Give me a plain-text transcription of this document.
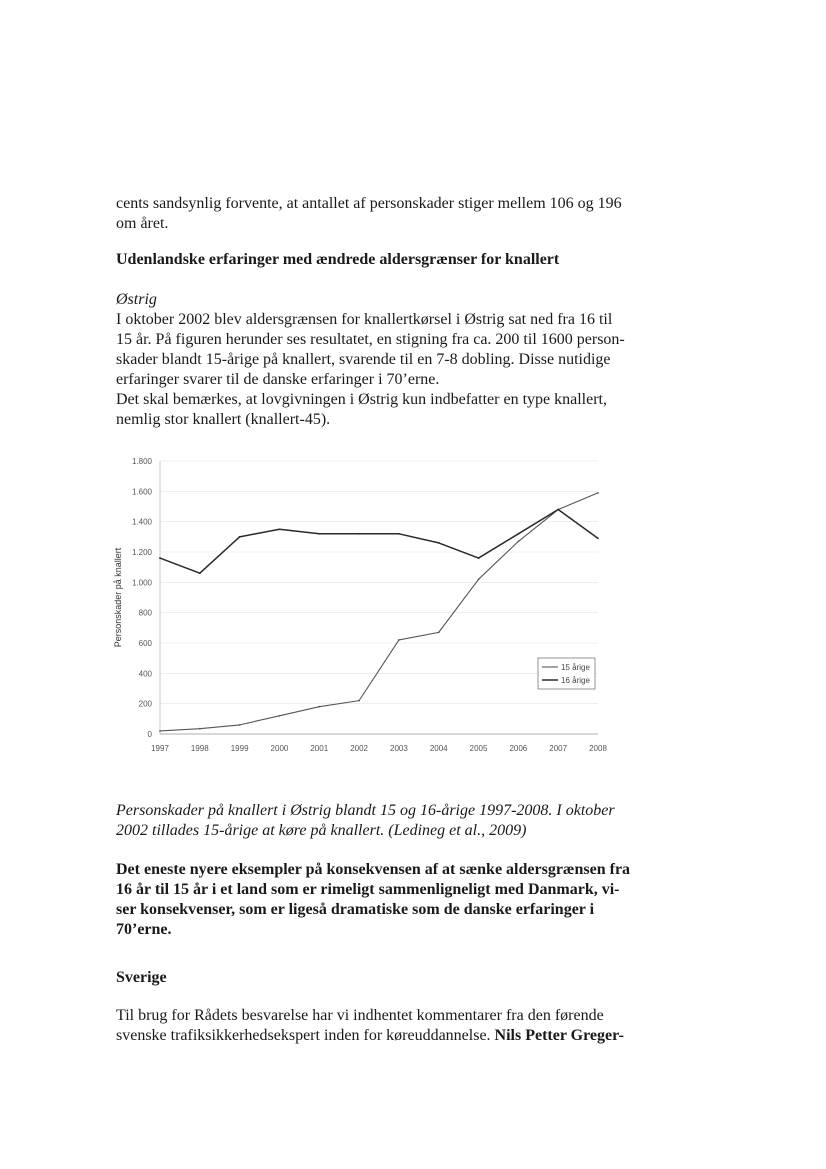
cents sandsynlig forvente, at antallet af personskader stiger mellem 106 og 196

om året.

Udenlandske erfaringer med ændrede aldersgrænser for knallert

Østrig

I oktober 2002 blev aldersgrænsen for knallertkørsel i Østrig sat ned fra 16 til

15 år. På figuren herunder ses resultatet, en stigning fra ca. 200 til 1600 person-

skader blandt 15-årige på knallert, svarende til en 7-8 dobling. Disse nutidige

erfaringer svarer til de danske erfaringer i 70’erne.

Det skal bemærkes, at lovgivningen i Østrig kun indbefatter en type knallert,

nemlig stor knallert (knallert-45).

0
200
400
600
800
1.000
1.200
1.400
1.600
1.800
1997	1998	1999	2000	2001	2002	2003	2004	2005	2006	2007	2008
Personskader på knallert
15 årige
16 årige

Personskader på knallert i Østrig blandt 15 og 16-årige 1997-2008. I oktober

2002 tillades 15-årige at køre på knallert. (Ledineg et al., 2009)

Det eneste nyere eksempler på konsekvensen af at sænke aldersgrænsen fra

16 år til 15 år i et land som er rimeligt sammenligneligt med Danmark, vi-

ser konsekvenser, som er ligeså dramatiske som de danske erfaringer i

70’erne.

Sverige

Til brug for Rådets besvarelse har vi indhentet kommentarer fra den førende

svenske trafiksikkerhedsekspert inden for køreuddannelse. Nils Petter Greger-
